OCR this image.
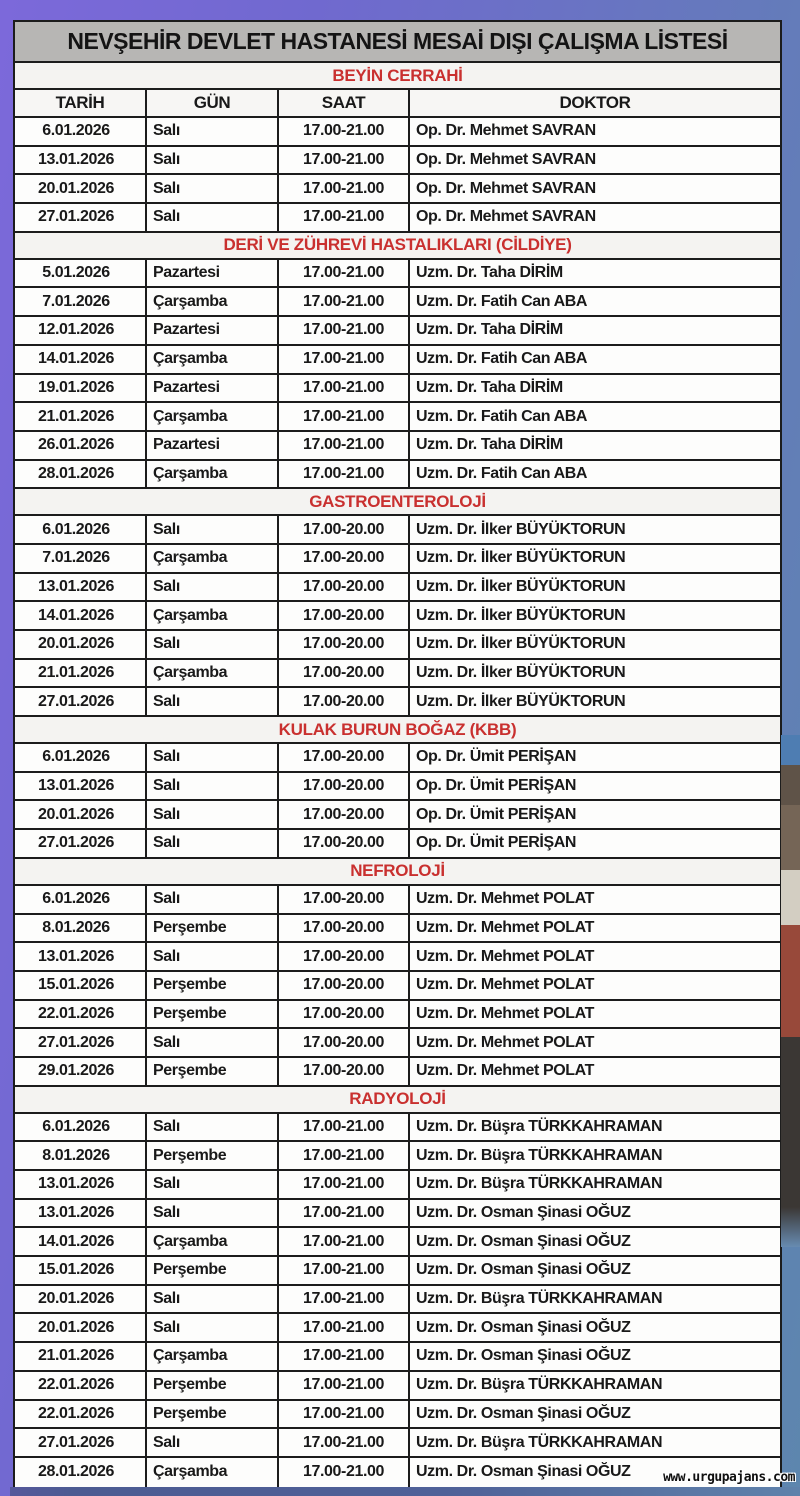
NEVŞEHİR DEVLET HASTANESİ MESAİ DIŞI ÇALIŞMA LİSTESİ
BEYİN CERRAHİ
TARİH	GÜN	SAAT	DOKTOR
6.01.2026	Salı	17.00-21.00	Op. Dr. Mehmet SAVRAN
13.01.2026	Salı	17.00-21.00	Op. Dr. Mehmet SAVRAN
20.01.2026	Salı	17.00-21.00	Op. Dr. Mehmet SAVRAN
27.01.2026	Salı	17.00-21.00	Op. Dr. Mehmet SAVRAN
DERİ VE ZÜHREVİ HASTALIKLARI (CİLDİYE)
5.01.2026	Pazartesi	17.00-21.00	Uzm. Dr. Taha DİRİM
7.01.2026	Çarşamba	17.00-21.00	Uzm. Dr. Fatih Can ABA
12.01.2026	Pazartesi	17.00-21.00	Uzm. Dr. Taha DİRİM
14.01.2026	Çarşamba	17.00-21.00	Uzm. Dr. Fatih Can ABA
19.01.2026	Pazartesi	17.00-21.00	Uzm. Dr. Taha DİRİM
21.01.2026	Çarşamba	17.00-21.00	Uzm. Dr. Fatih Can ABA
26.01.2026	Pazartesi	17.00-21.00	Uzm. Dr. Taha DİRİM
28.01.2026	Çarşamba	17.00-21.00	Uzm. Dr. Fatih Can ABA
GASTROENTEROLOJİ
6.01.2026	Salı	17.00-20.00	Uzm. Dr. İlker BÜYÜKTORUN
7.01.2026	Çarşamba	17.00-20.00	Uzm. Dr. İlker BÜYÜKTORUN
13.01.2026	Salı	17.00-20.00	Uzm. Dr. İlker BÜYÜKTORUN
14.01.2026	Çarşamba	17.00-20.00	Uzm. Dr. İlker BÜYÜKTORUN
20.01.2026	Salı	17.00-20.00	Uzm. Dr. İlker BÜYÜKTORUN
21.01.2026	Çarşamba	17.00-20.00	Uzm. Dr. İlker BÜYÜKTORUN
27.01.2026	Salı	17.00-20.00	Uzm. Dr. İlker BÜYÜKTORUN
KULAK BURUN BOĞAZ (KBB)
6.01.2026	Salı	17.00-20.00	Op. Dr. Ümit PERİŞAN
13.01.2026	Salı	17.00-20.00	Op. Dr. Ümit PERİŞAN
20.01.2026	Salı	17.00-20.00	Op. Dr. Ümit PERİŞAN
27.01.2026	Salı	17.00-20.00	Op. Dr. Ümit PERİŞAN
NEFROLOJİ
6.01.2026	Salı	17.00-20.00	Uzm. Dr. Mehmet POLAT
8.01.2026	Perşembe	17.00-20.00	Uzm. Dr. Mehmet POLAT
13.01.2026	Salı	17.00-20.00	Uzm. Dr. Mehmet POLAT
15.01.2026	Perşembe	17.00-20.00	Uzm. Dr. Mehmet POLAT
22.01.2026	Perşembe	17.00-20.00	Uzm. Dr. Mehmet POLAT
27.01.2026	Salı	17.00-20.00	Uzm. Dr. Mehmet POLAT
29.01.2026	Perşembe	17.00-20.00	Uzm. Dr. Mehmet POLAT
RADYOLOJİ
6.01.2026	Salı	17.00-21.00	Uzm. Dr. Büşra TÜRKKAHRAMAN
8.01.2026	Perşembe	17.00-21.00	Uzm. Dr. Büşra TÜRKKAHRAMAN
13.01.2026	Salı	17.00-21.00	Uzm. Dr. Büşra TÜRKKAHRAMAN
13.01.2026	Salı	17.00-21.00	Uzm. Dr. Osman Şinasi OĞUZ
14.01.2026	Çarşamba	17.00-21.00	Uzm. Dr. Osman Şinasi OĞUZ
15.01.2026	Perşembe	17.00-21.00	Uzm. Dr. Osman Şinasi OĞUZ
20.01.2026	Salı	17.00-21.00	Uzm. Dr. Büşra TÜRKKAHRAMAN
20.01.2026	Salı	17.00-21.00	Uzm. Dr. Osman Şinasi OĞUZ
21.01.2026	Çarşamba	17.00-21.00	Uzm. Dr. Osman Şinasi OĞUZ
22.01.2026	Perşembe	17.00-21.00	Uzm. Dr. Büşra TÜRKKAHRAMAN
22.01.2026	Perşembe	17.00-21.00	Uzm. Dr. Osman Şinasi OĞUZ
27.01.2026	Salı	17.00-21.00	Uzm. Dr. Büşra TÜRKKAHRAMAN
28.01.2026	Çarşamba	17.00-21.00	Uzm. Dr. Osman Şinasi OĞUZ	www.urgupajans.com
